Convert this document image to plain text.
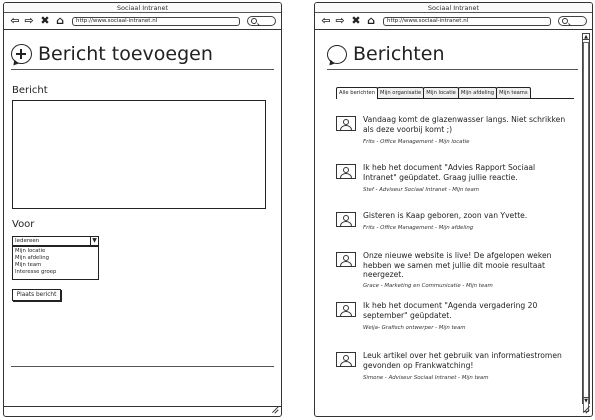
Sociaal Intranet
⇦ ⇨ ✖ ⌂	http://www.sociaal-intranet.nl
Bericht toevoegen
Bericht
Voor
Iedereen	▼
Mijn locatie
Mijn afdeling
Mijn team
Interesse groep
Plaats bericht
Sociaal Intranet
⇦ ⇨ ✖ ⌂	http://www.sociaal-intranet.nl
Berichten
Alle berichten Mijn organisatie Mijn locatie Mijn afdeling Mijn teams
Vandaag komt de glazenwasser langs. Niet schrikken als deze voorbij komt ;)
Frits - Office Management - Mijn locatie
Ik heb het document "Advies Rapport Sociaal Intranet" geüpdatet. Graag jullie reactie.
Stef - Adviseur Sociaal Intranet - Mijn team
Gisteren is Kaap geboren, zoon van Yvette.
Frits - Office Management - Mijn afdeling
Onze nieuwe website is live! De afgelopen weken hebben we samen met jullie dit mooie resultaat neergezet.
Grace - Marketing en Communicatie - Mijn team
Ik heb het document "Agenda vergadering 20 september" geüpdatet.
Weija- Grafisch ontwerper - Mijn team
Leuk artikel over het gebruik van informatiestromen gevonden op Frankwatching!
Simone - Adviseur Sociaal Intranet - Mijn team
▲
▼
